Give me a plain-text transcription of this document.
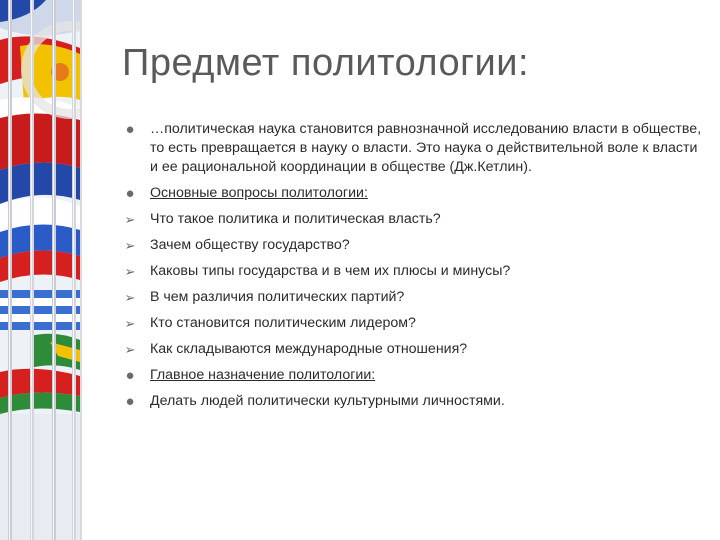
Предмет политологии:
● …политическая наука становится равнозначной исследованию власти в обществе, то есть превращается в науку о власти. Это наука о действительной воле к власти и ее рациональной координации в обществе (Дж.Кетлин).
● Основные вопросы политологии:
➢ Что такое политика и политическая власть?
➢ Зачем обществу государство?
➢ Каковы типы государства и в чем их плюсы и минусы?
➢ В чем различия политических партий?
➢ Кто становится политическим лидером?
➢ Как складываются международные отношения?
● Главное назначение политологии:
● Делать людей политически культурными личностями.
